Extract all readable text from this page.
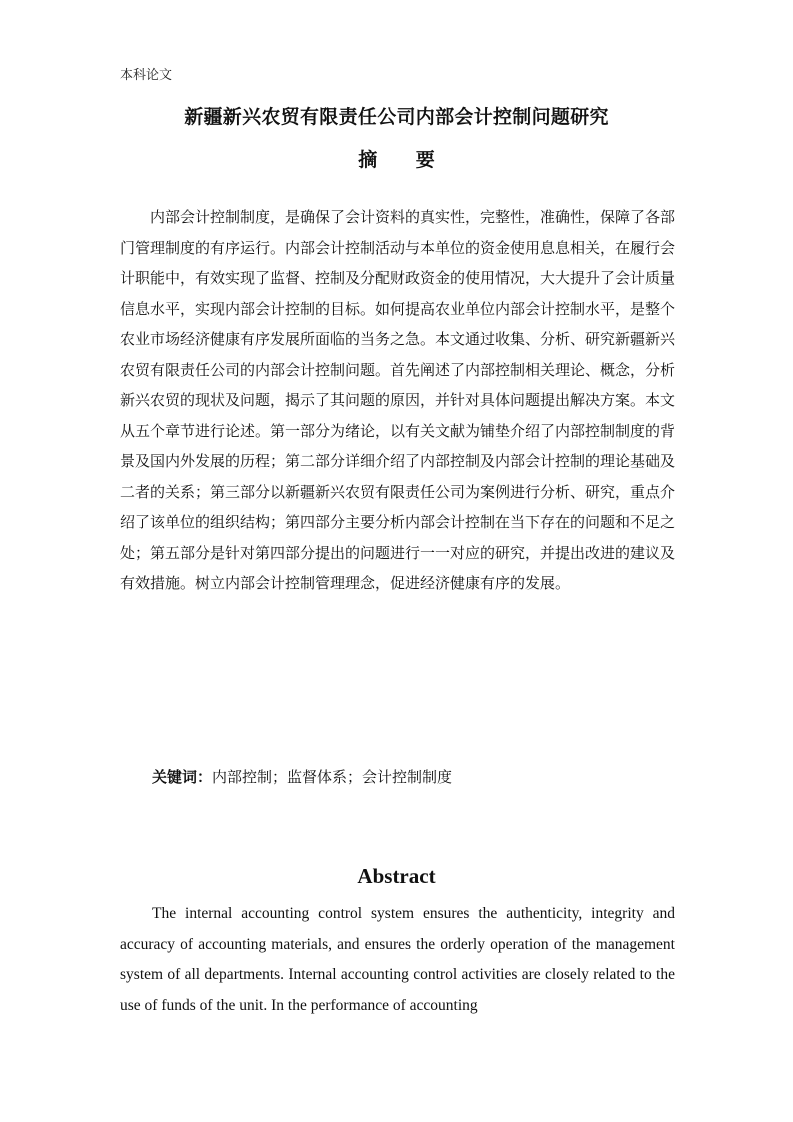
本科论文
新疆新兴农贸有限责任公司内部会计控制问题研究
摘 要

内部会计控制制度，是确保了会计资料的真实性，完整性，准确性，保障了各部门管理制度的有序运行。内部会计控制活动与本单位的资金使用息息相关，在履行会计职能中，有效实现了监督、控制及分配财政资金的使用情况，大大提升了会计质量信息水平，实现内部会计控制的目标。如何提高农业单位内部会计控制水平，是整个农业市场经济健康有序发展所面临的当务之急。本文通过收集、分析、研究新疆新兴农贸有限责任公司的内部会计控制问题。首先阐述了内部控制相关理论、概念，分析新兴农贸的现状及问题，揭示了其问题的原因，并针对具体问题提出解决方案。本文从五个章节进行论述。第一部分为绪论，以有关文献为铺垫介绍了内部控制制度的背景及国内外发展的历程；第二部分详细介绍了内部控制及内部会计控制的理论基础及二者的关系；第三部分以新疆新兴农贸有限责任公司为案例进行分析、研究，重点介绍了该单位的组织结构；第四部分主要分析内部会计控制在当下存在的问题和不足之处；第五部分是针对第四部分提出的问题进行一一对应的研究，并提出改进的建议及有效措施。树立内部会计控制管理理念，促进经济健康有序的发展。

关键词：内部控制；监督体系；会计控制制度
Abstract

The internal accounting control system ensures the authenticity, integrity and accuracy of accounting materials, and ensures the orderly operation of the management system of all departments. Internal accounting control activities are closely related to the use of funds of the unit. In the performance of accounting
